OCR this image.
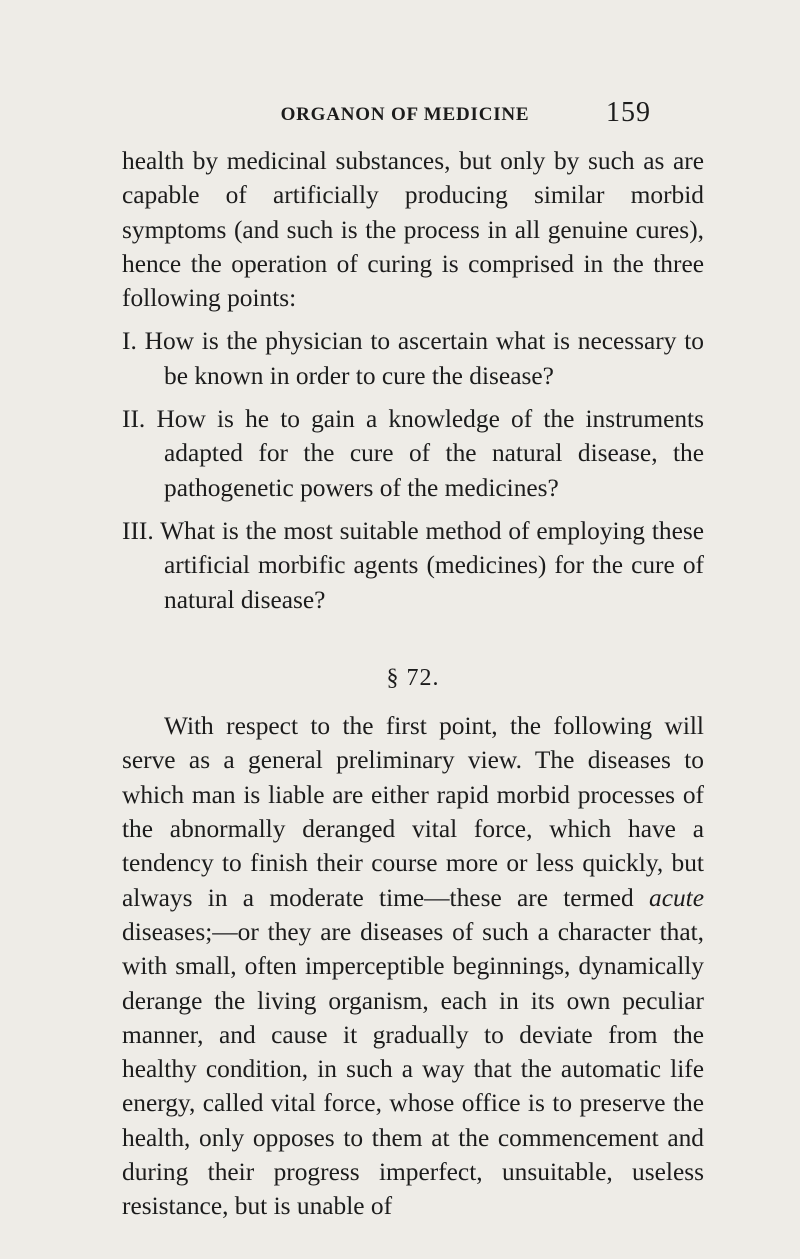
ORGANON OF MEDICINE	159

health by medicinal substances, but only by such as are capable of artificially producing similar morbid symptoms (and such is the process in all genuine cures), hence the operation of curing is comprised in the three following points:

I. How is the physician to ascertain what is necessary to be known in order to cure the disease?

II. How is he to gain a knowledge of the instruments adapted for the cure of the natural disease, the pathogenetic powers of the medicines?

III. What is the most suitable method of employing these artificial morbific agents (medicines) for the cure of natural disease?

§ 72.

With respect to the first point, the following will serve as a general preliminary view. The diseases to which man is liable are either rapid morbid processes of the abnormally deranged vital force, which have a tendency to finish their course more or less quickly, but always in a moderate time—these are termed acute diseases;—or they are diseases of such a character that, with small, often imperceptible beginnings, dynamically derange the living organism, each in its own peculiar manner, and cause it gradually to deviate from the healthy condition, in such a way that the automatic life energy, called vital force, whose office is to preserve the health, only opposes to them at the commencement and during their progress imperfect, unsuitable, useless resistance, but is unable of
